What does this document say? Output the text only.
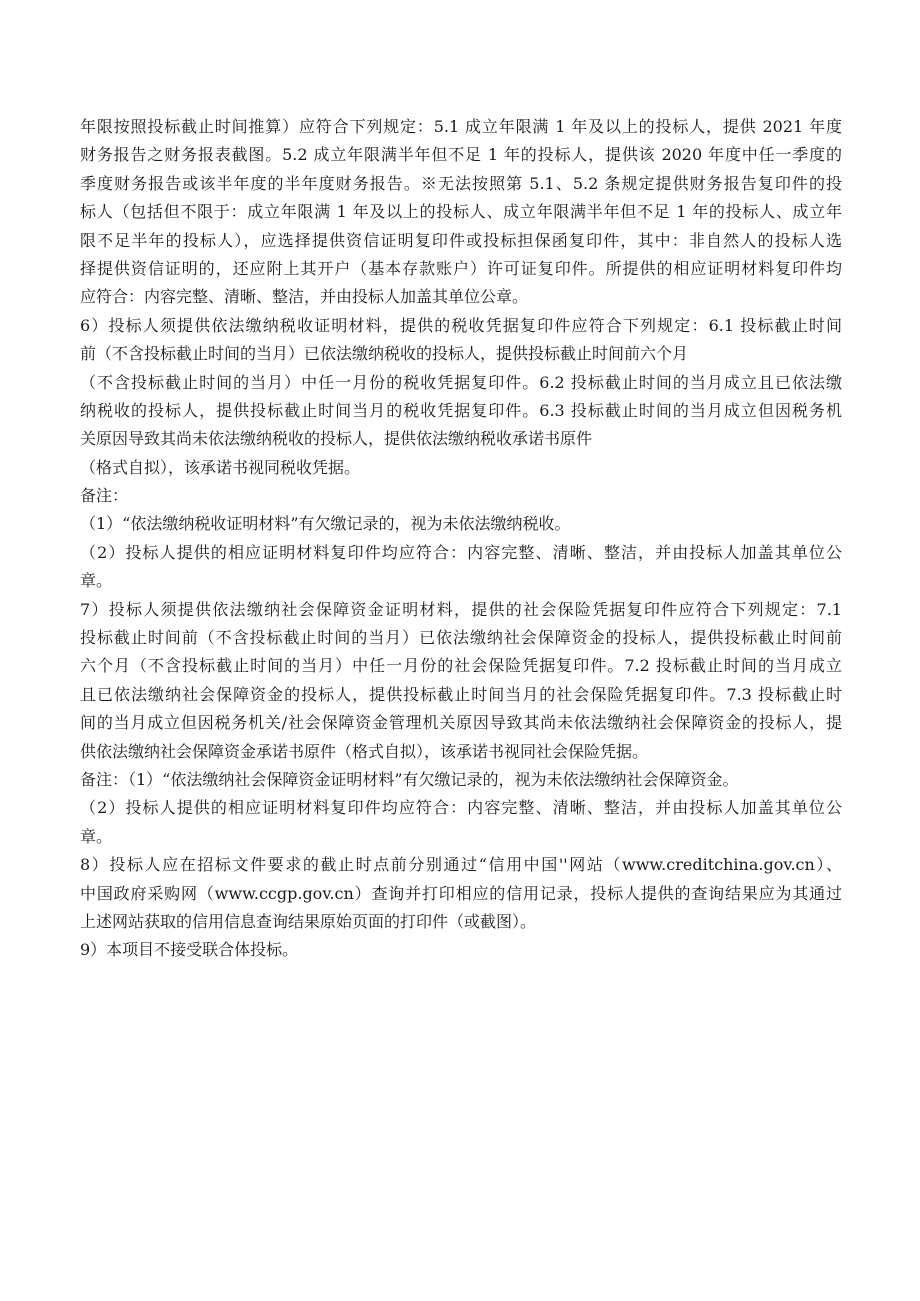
年限按照投标截止时间推算）应符合下列规定：5.1 成立年限满 1 年及以上的投标人，提供 2021 年度
财务报告之财务报表截图。5.2 成立年限满半年但不足 1 年的投标人，提供该 2020 年度中任一季度的
季度财务报告或该半年度的半年度财务报告。※无法按照第 5.1、5.2 条规定提供财务报告复印件的投
标人（包括但不限于：成立年限满 1 年及以上的投标人、成立年限满半年但不足 1 年的投标人、成立年
限不足半年的投标人），应选择提供资信证明复印件或投标担保函复印件，其中：非自然人的投标人选
择提供资信证明的，还应附上其开户（基本存款账户）许可证复印件。所提供的相应证明材料复印件均
应符合：内容完整、清晰、整洁，并由投标人加盖其单位公章。
6）投标人须提供依法缴纳税收证明材料，提供的税收凭据复印件应符合下列规定：6.1 投标截止时间
前（不含投标截止时间的当月）已依法缴纳税收的投标人，提供投标截止时间前六个月
（不含投标截止时间的当月）中任一月份的税收凭据复印件。6.2 投标截止时间的当月成立且已依法缴
纳税收的投标人，提供投标截止时间当月的税收凭据复印件。6.3 投标截止时间的当月成立但因税务机
关原因导致其尚未依法缴纳税收的投标人，提供依法缴纳税收承诺书原件
（格式自拟），该承诺书视同税收凭据。
备注：
（1）“依法缴纳税收证明材料”有欠缴记录的，视为未依法缴纳税收。
（2）投标人提供的相应证明材料复印件均应符合：内容完整、清晰、整洁，并由投标人加盖其单位公
章。
7）投标人须提供依法缴纳社会保障资金证明材料，提供的社会保险凭据复印件应符合下列规定：7.1
投标截止时间前（不含投标截止时间的当月）已依法缴纳社会保障资金的投标人，提供投标截止时间前
六个月（不含投标截止时间的当月）中任一月份的社会保险凭据复印件。7.2 投标截止时间的当月成立
且已依法缴纳社会保障资金的投标人，提供投标截止时间当月的社会保险凭据复印件。7.3 投标截止时
间的当月成立但因税务机关/社会保障资金管理机关原因导致其尚未依法缴纳社会保障资金的投标人，提
供依法缴纳社会保障资金承诺书原件（格式自拟），该承诺书视同社会保险凭据。
备注：（1）“依法缴纳社会保障资金证明材料”有欠缴记录的，视为未依法缴纳社会保障资金。
（2）投标人提供的相应证明材料复印件均应符合：内容完整、清晰、整洁，并由投标人加盖其单位公
章。
8）投标人应在招标文件要求的截止时点前分别通过“信用中国''网站（www.creditchina.gov.cn）、
中国政府采购网（www.ccgp.gov.cn）查询并打印相应的信用记录，投标人提供的查询结果应为其通过
上述网站获取的信用信息查询结果原始页面的打印件（或截图）。
9）本项目不接受联合体投标。
